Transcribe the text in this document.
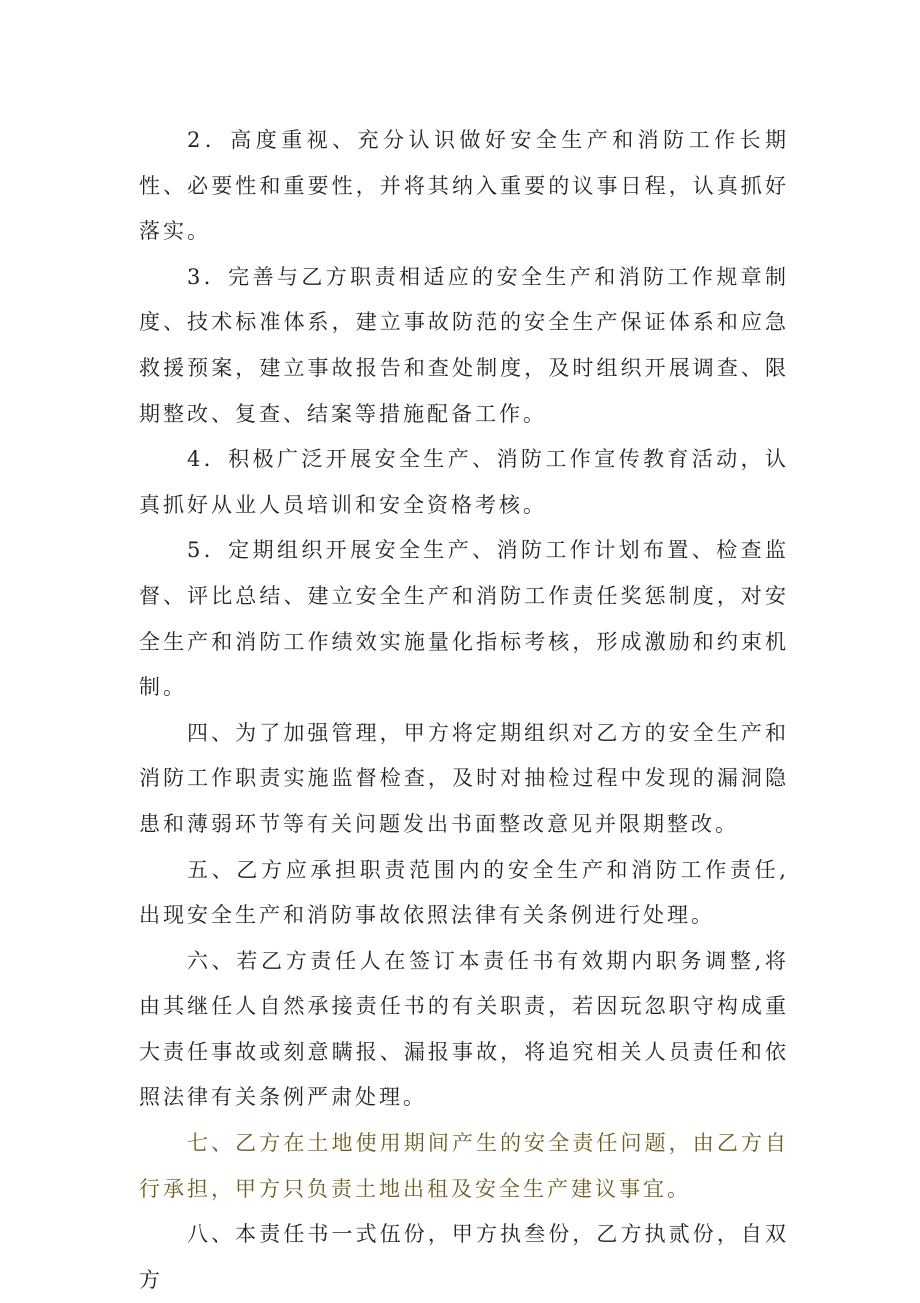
2．高度重视、充分认识做好安全生产和消防工作长期性、必要性和重要性，并将其纳入重要的议事日程，认真抓好落实。

3．完善与乙方职责相适应的安全生产和消防工作规章制度、技术标准体系，建立事故防范的安全生产保证体系和应急救援预案，建立事故报告和查处制度，及时组织开展调查、限期整改、复查、结案等措施配备工作。

4．积极广泛开展安全生产、消防工作宣传教育活动，认真抓好从业人员培训和安全资格考核。

5．定期组织开展安全生产、消防工作计划布置、检查监督、评比总结、建立安全生产和消防工作责任奖惩制度，对安全生产和消防工作绩效实施量化指标考核，形成激励和约束机制。

四、为了加强管理，甲方将定期组织对乙方的安全生产和消防工作职责实施监督检查，及时对抽检过程中发现的漏洞隐患和薄弱环节等有关问题发出书面整改意见并限期整改。

五、乙方应承担职责范围内的安全生产和消防工作责任,出现安全生产和消防事故依照法律有关条例进行处理。

六、若乙方责任人在签订本责任书有效期内职务调整,将由其继任人自然承接责任书的有关职责，若因玩忽职守构成重大责任事故或刻意瞒报、漏报事故，将追究相关人员责任和依照法律有关条例严肃处理。

七、乙方在土地使用期间产生的安全责任问题，由乙方自行承担，甲方只负责土地出租及安全生产建议事宜。

八、本责任书一式伍份，甲方执叁份，乙方执贰份，自双方
